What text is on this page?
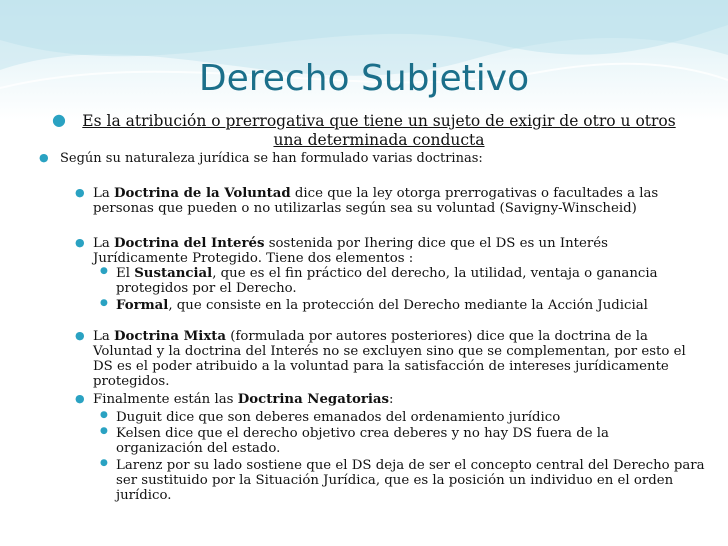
Derecho Subjetivo
●	Es la atribución o prerrogativa que tiene un sujeto de exigir de otro u otros una determinada conducta
● Según su naturaleza jurídica se han formulado varias doctrinas:
● La Doctrina de la Voluntad dice que la ley otorga prerrogativas o facultades a las personas que pueden o no utilizarlas según sea su voluntad (Savigny-Winscheid)
● La Doctrina del Interés sostenida por Ihering dice que el DS es un Interés Jurídicamente Protegido. Tiene dos elementos :
● El Sustancial, que es el fin práctico del derecho, la utilidad, ventaja o ganancia protegidos por el Derecho.
● Formal, que consiste en la protección del Derecho mediante la Acción Judicial
● La Doctrina Mixta (formulada por autores posteriores) dice que la doctrina de la Voluntad y la doctrina del Interés no se excluyen sino que se complementan, por esto el DS es el poder atribuido a la voluntad para la satisfacción de intereses jurídicamente protegidos.
● Finalmente están las Doctrina Negatorias:
● Duguit dice que son deberes emanados del ordenamiento jurídico
● Kelsen dice que el derecho objetivo crea deberes y no hay DS fuera de la organización del estado.
● Larenz por su lado sostiene que el DS deja de ser el concepto central del Derecho para ser sustituido por la Situación Jurídica, que es la posición un individuo en el orden jurídico.
